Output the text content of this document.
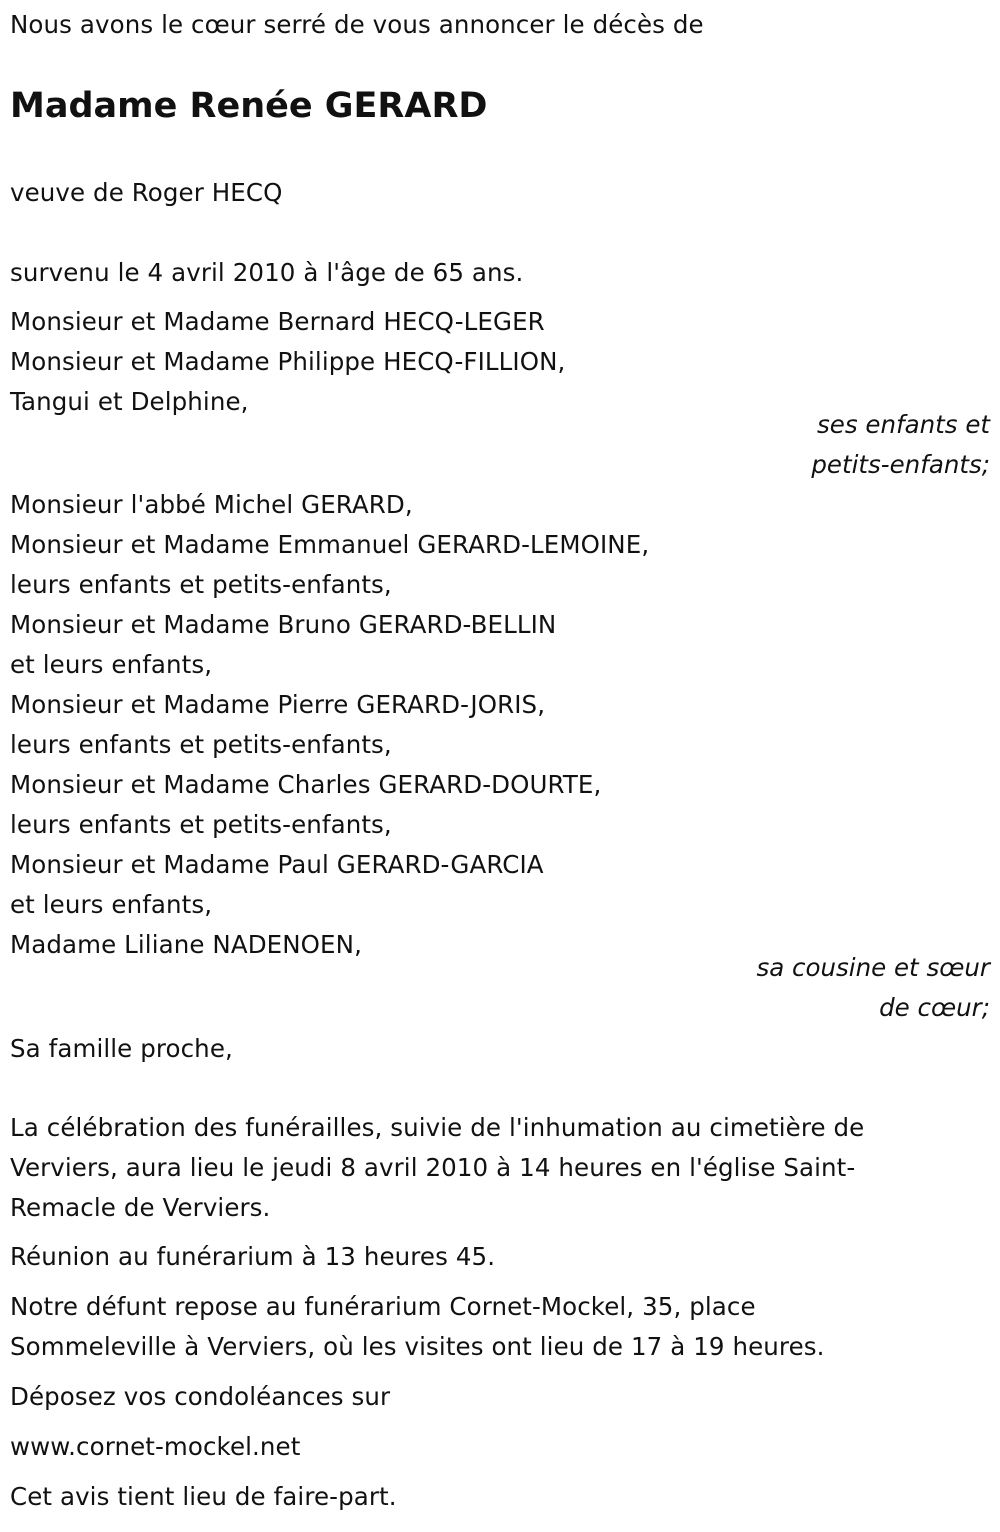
Nous avons le cœur serré de vous annoncer le décès de
Madame Renée GERARD
veuve de Roger HECQ
survenu le 4 avril 2010 à l'âge de 65 ans.
Monsieur et Madame Bernard HECQ-LEGER
Monsieur et Madame Philippe HECQ-FILLION,
Tangui et Delphine,
ses enfants et
petits-enfants;
Monsieur l'abbé Michel GERARD,
Monsieur et Madame Emmanuel GERARD-LEMOINE,
leurs enfants et petits-enfants,
Monsieur et Madame Bruno GERARD-BELLIN
et leurs enfants,
Monsieur et Madame Pierre GERARD-JORIS,
leurs enfants et petits-enfants,
Monsieur et Madame Charles GERARD-DOURTE,
leurs enfants et petits-enfants,
Monsieur et Madame Paul GERARD-GARCIA
et leurs enfants,
Madame Liliane NADENOEN,
sa cousine et sœur
de cœur;
Sa famille proche,
La célébration des funérailles, suivie de l'inhumation au cimetière de
Verviers, aura lieu le jeudi 8 avril 2010 à 14 heures en l'église Saint-
Remacle de Verviers.
Réunion au funérarium à 13 heures 45.
Notre défunt repose au funérarium Cornet-Mockel, 35, place
Sommeleville à Verviers, où les visites ont lieu de 17 à 19 heures.
Déposez vos condoléances sur
www.cornet-mockel.net
Cet avis tient lieu de faire-part.
